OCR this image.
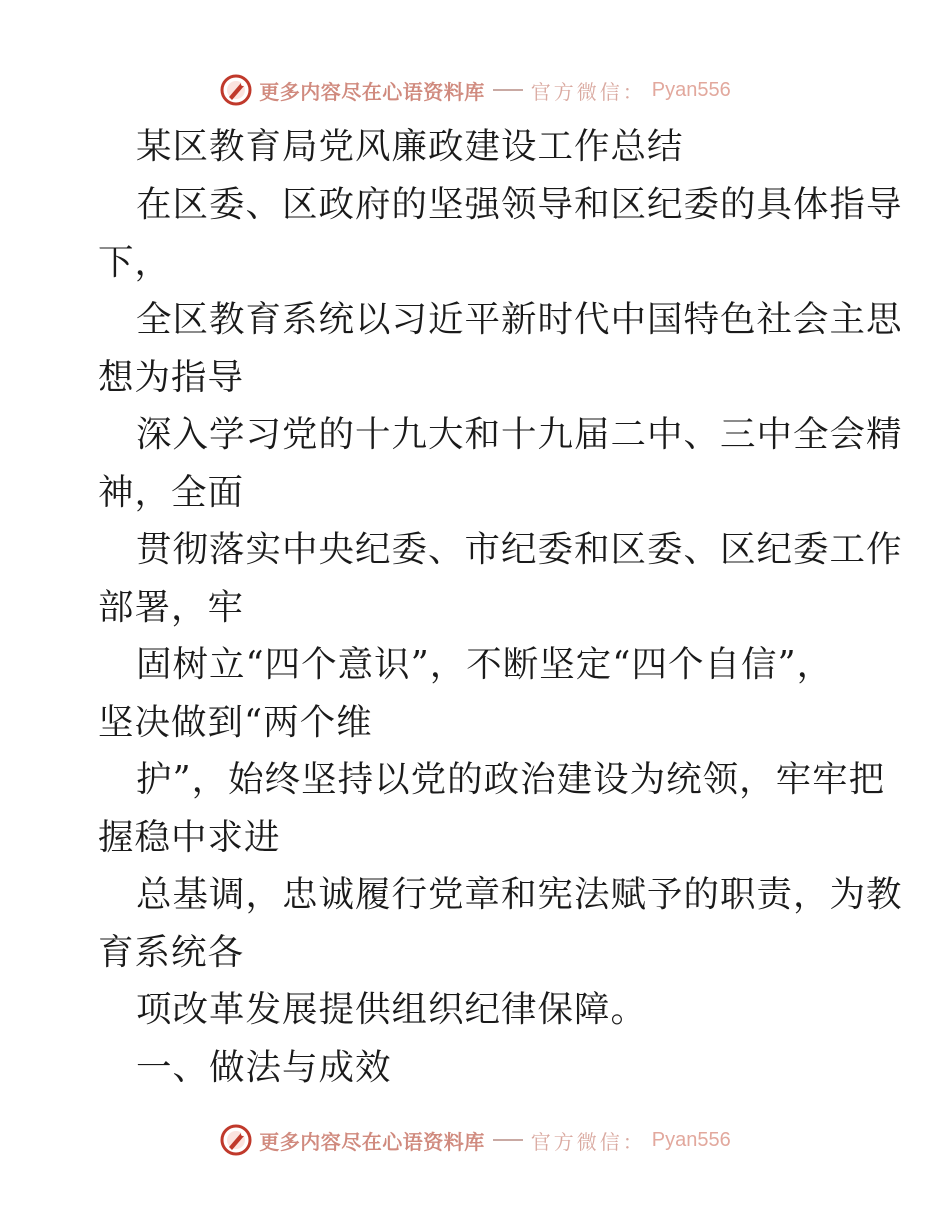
更多内容尽在心语资料库 官方微信： Pyan556

某区教育局党风廉政建设工作总结

在区委、区政府的坚强领导和区纪委的具体指导
下，

全区教育系统以习近平新时代中国特色社会主思
想为指导

深入学习党的十九大和十九届二中、三中全会精
神，全面

贯彻落实中央纪委、市纪委和区委、区纪委工作
部署，牢

固树立“四个意识”，不断坚定“四个自信”，
坚决做到“两个维

护”，始终坚持以党的政治建设为统领，牢牢把
握稳中求进

总基调，忠诚履行党章和宪法赋予的职责，为教
育系统各

项改革发展提供组织纪律保障。

一、做法与成效

更多内容尽在心语资料库 官方微信： Pyan556
